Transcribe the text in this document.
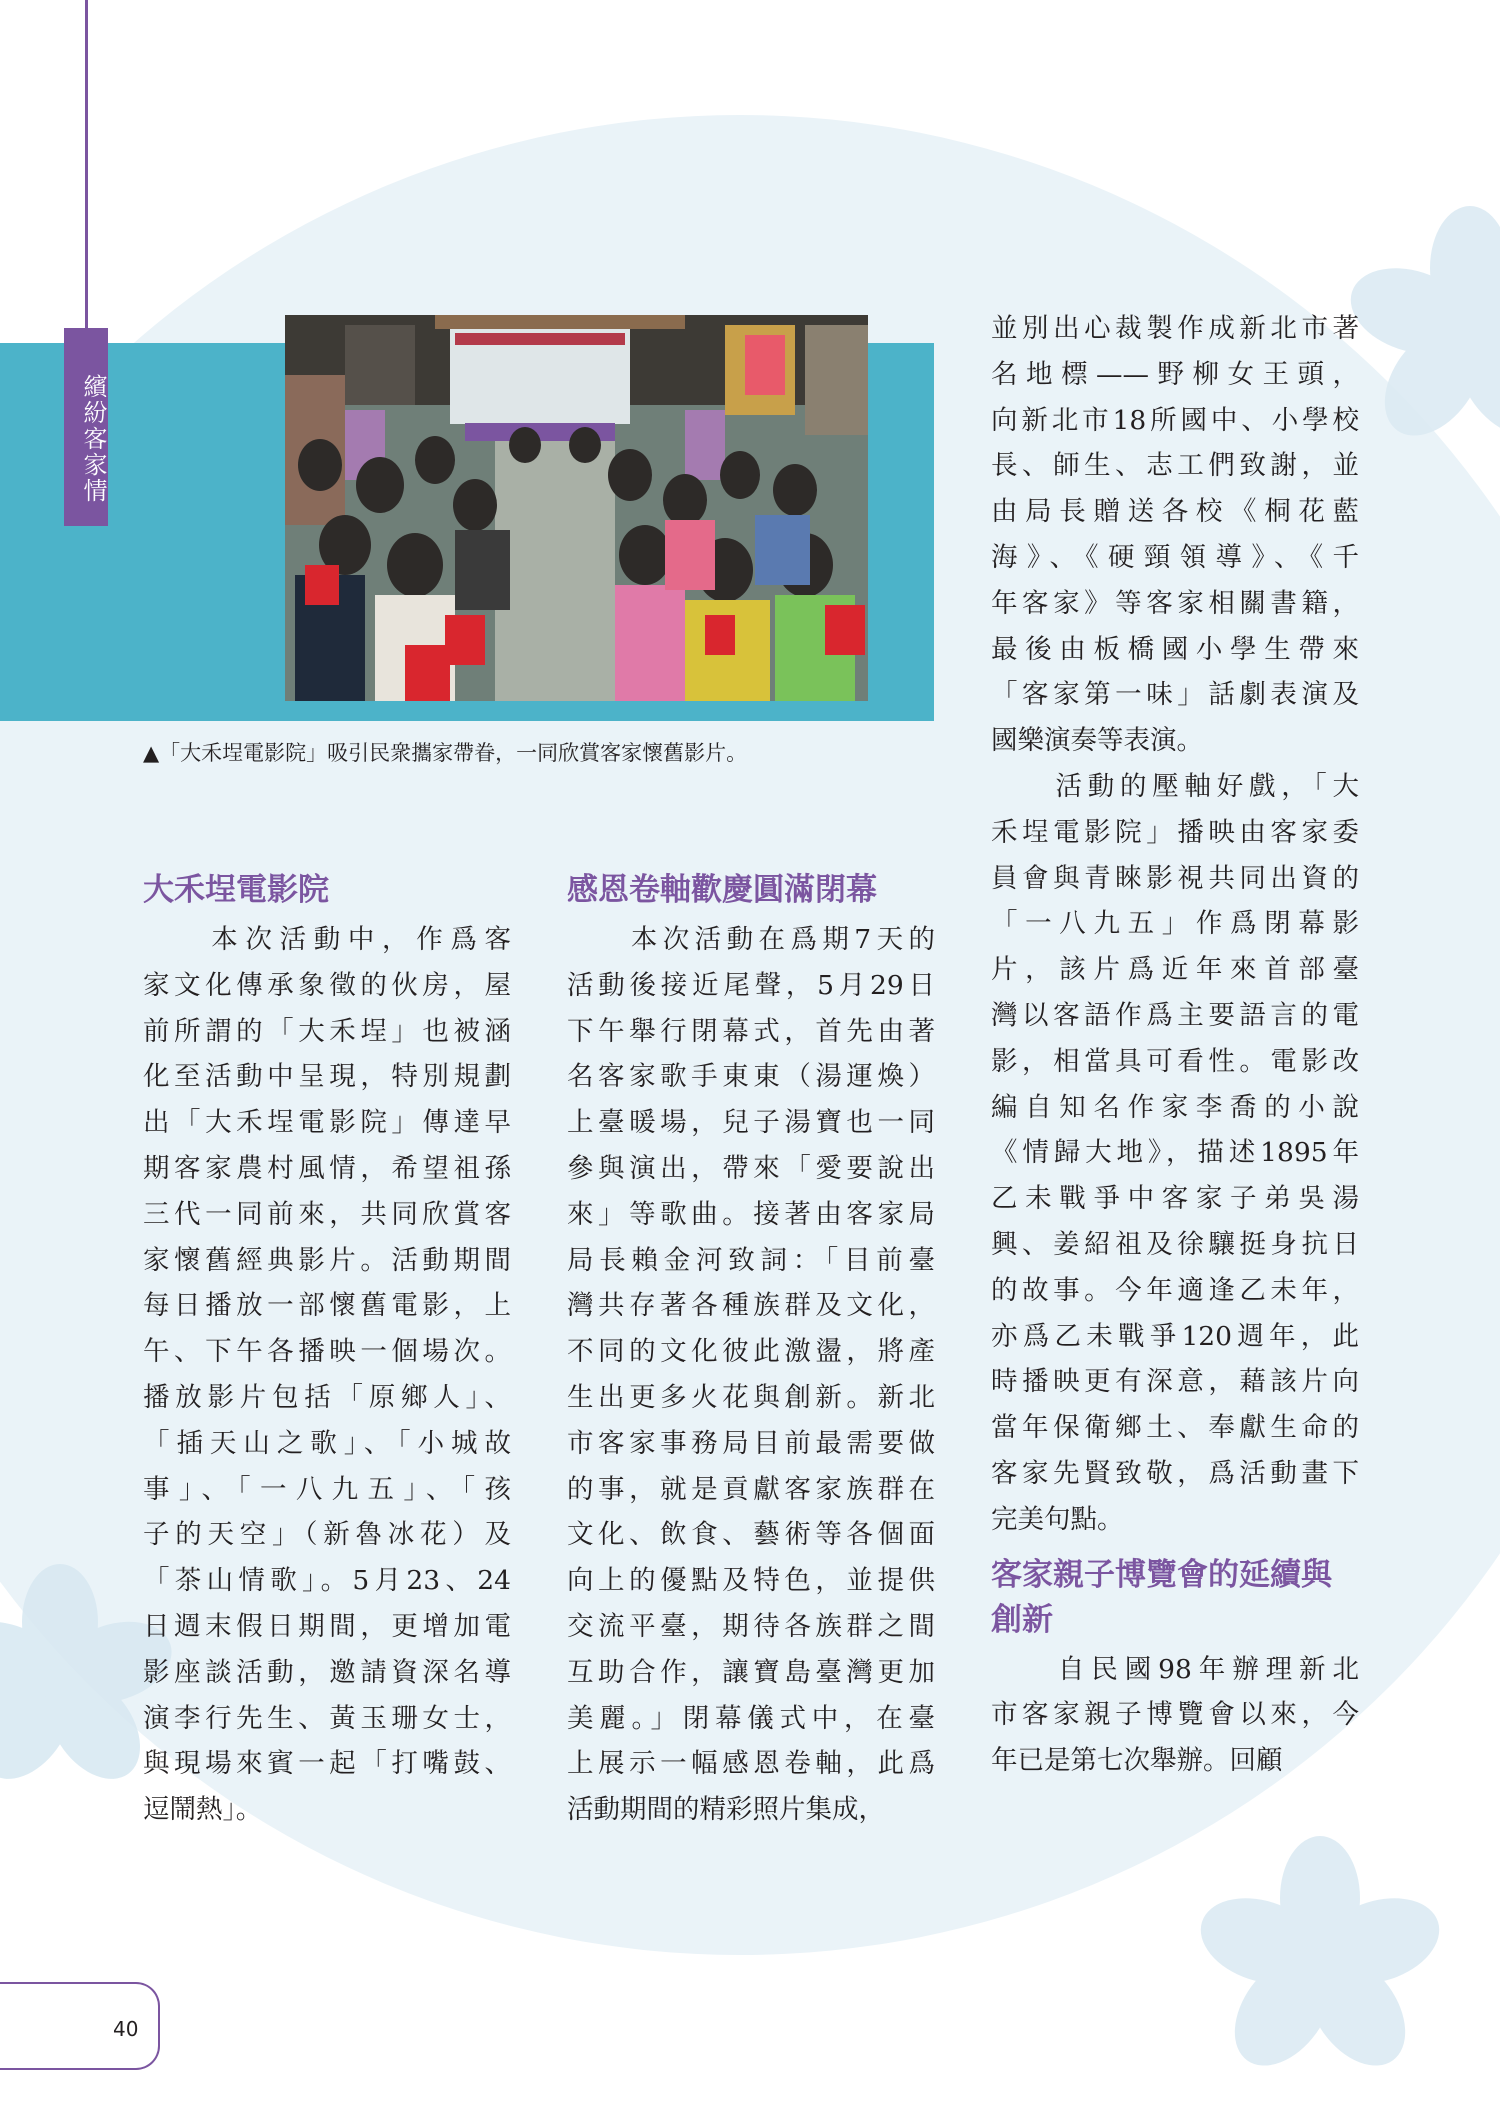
繽紛客家情
▲「大禾埕電影院」吸引民衆攜家帶眷，一同欣賞客家懷舊影片。
大禾埕電影院
　　本次活動中，作爲客
家文化傳承象徵的伙房，屋
前所謂的「大禾埕」也被涵
化至活動中呈現，特別規劃
出「大禾埕電影院」傳達早
期客家農村風情，希望祖孫
三代一同前來，共同欣賞客
家懷舊經典影片。活動期間
每日播放一部懷舊電影，上
午、下午各播映一個場次。
播放影片包括「原鄉人」、
「插天山之歌」、「小城故
事」、「一八九五」、「孩
子的天空」（新魯冰花）及
「茶山情歌」。5月23、24
日週末假日期間，更增加電
影座談活動，邀請資深名導
演李行先生、黃玉珊女士，
與現場來賓一起「打嘴鼓、
逗鬧熱」。
感恩卷軸歡慶圓滿閉幕
　　本次活動在爲期7天的
活動後接近尾聲，5月29日
下午舉行閉幕式，首先由著
名客家歌手東東（湯運煥）
上臺暖場，兒子湯寶也一同
參與演出，帶來「愛要說出
來」等歌曲。接著由客家局
局長賴金河致詞：「目前臺
灣共存著各種族群及文化，
不同的文化彼此激盪，將產
生出更多火花與創新。新北
市客家事務局目前最需要做
的事，就是貢獻客家族群在
文化、飲食、藝術等各個面
向上的優點及特色，並提供
交流平臺，期待各族群之間
互助合作，讓寶島臺灣更加
美麗。」閉幕儀式中，在臺
上展示一幅感恩卷軸，此爲
活動期間的精彩照片集成，
並別出心裁製作成新北市著
名地標——野柳女王頭，
向新北市18所國中、小學校
長、師生、志工們致謝，並
由局長贈送各校《桐花藍
海》、《硬頸領導》、《千
年客家》等客家相關書籍，
最後由板橋國小學生帶來
「客家第一味」話劇表演及
國樂演奏等表演。
　　活動的壓軸好戲，「大
禾埕電影院」播映由客家委
員會與青睞影視共同出資的
「一八九五」作爲閉幕影
片，該片爲近年來首部臺
灣以客語作爲主要語言的電
影，相當具可看性。電影改
編自知名作家李喬的小說
《情歸大地》，描述1895年
乙未戰爭中客家子弟吳湯
興、姜紹祖及徐驤挺身抗日
的故事。今年適逢乙未年，
亦爲乙未戰爭120週年，此
時播映更有深意，藉該片向
當年保衛鄉土、奉獻生命的
客家先賢致敬，爲活動畫下
完美句點。
客家親子博覽會的延續與
創新
　　自民國98年辦理新北
市客家親子博覽會以來，今
年已是第七次舉辦。回顧
40
